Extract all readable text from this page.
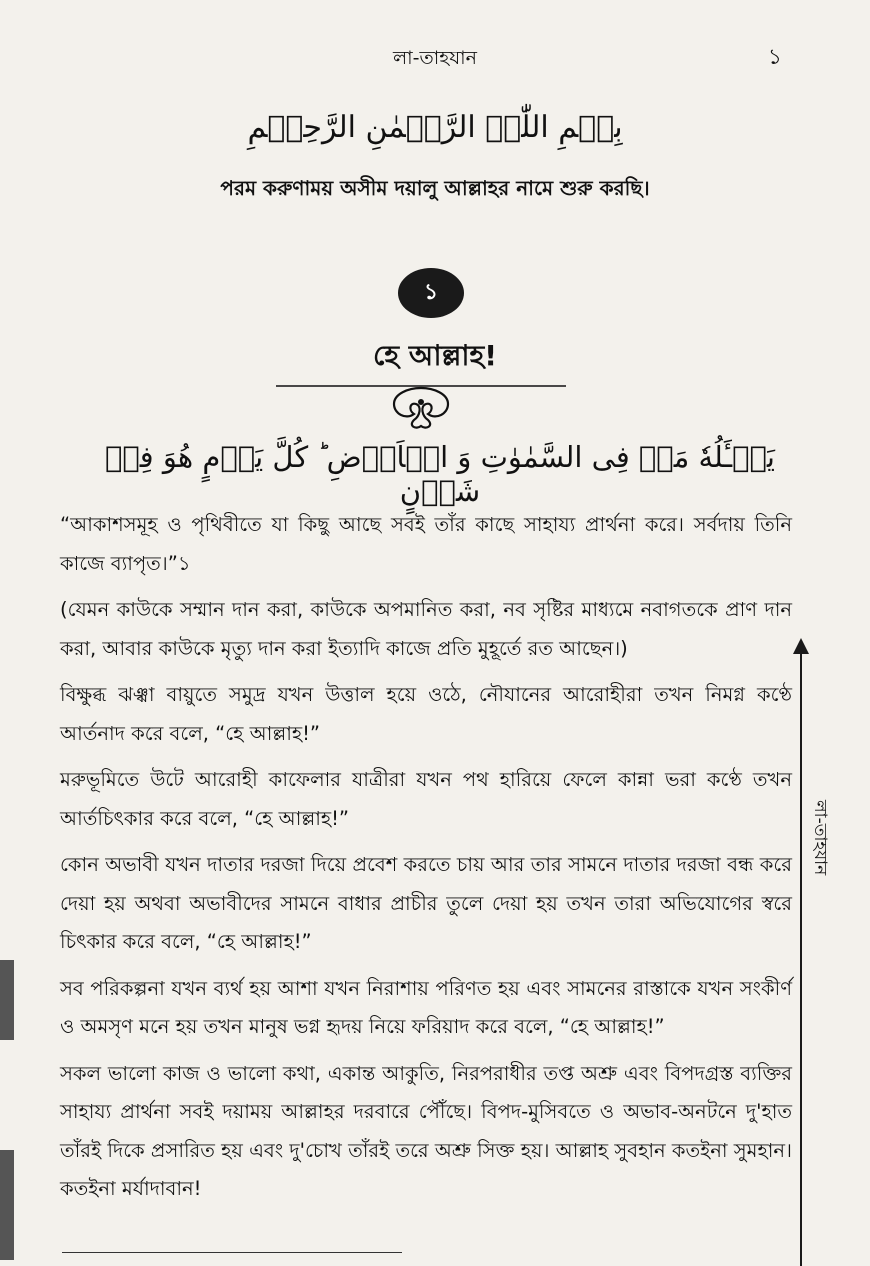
লা-তাহযান	১
بِسۡمِ اللّٰہِ الرَّحۡمٰنِ الرَّحِیۡمِ
পরম করুণাময় অসীম দয়ালু আল্লাহর নামে শুরু করছি।
১
হে আল্লাহ!
یَسۡـَٔلُهٗ مَنۡ فِی السَّمٰوٰتِ وَ الۡاَرۡضِ ؕ کُلَّ یَوۡمٍ هُوَ فِیۡ شَاۡنٍ

“আকাশসমূহ ও পৃথিবীতে যা কিছু আছে সবই তাঁর কাছে সাহায্য প্রার্থনা করে। সর্বদায় তিনি কাজে ব্যাপৃত।”১

(যেমন কাউকে সম্মান দান করা, কাউকে অপমানিত করা, নব সৃষ্টির মাধ্যমে নবাগতকে প্রাণ দান করা, আবার কাউকে মৃত্যু দান করা ইত্যাদি কাজে প্রতি মুহূর্তে রত আছেন।)

বিক্ষুব্ধ ঝঞ্ঝা বায়ুতে সমুদ্র যখন উত্তাল হয়ে ওঠে, নৌযানের আরোহীরা তখন নিমগ্ন কণ্ঠে আর্তনাদ করে বলে, “হে আল্লাহ!”

মরুভূমিতে উটে আরোহী কাফেলার যাত্রীরা যখন পথ হারিয়ে ফেলে কান্না ভরা কণ্ঠে তখন আর্তচিৎকার করে বলে, “হে আল্লাহ!”

কোন অভাবী যখন দাতার দরজা দিয়ে প্রবেশ করতে চায় আর তার সামনে দাতার দরজা বন্ধ করে দেয়া হয় অথবা অভাবীদের সামনে বাধার প্রাচীর তুলে দেয়া হয় তখন তারা অভিযোগের স্বরে চিৎকার করে বলে, “হে আল্লাহ!”

সব পরিকল্পনা যখন ব্যর্থ হয় আশা যখন নিরাশায় পরিণত হয় এবং সামনের রাস্তাকে যখন সংকীর্ণ ও অমসৃণ মনে হয় তখন মানুষ ভগ্ন হৃদয় নিয়ে ফরিয়াদ করে বলে, “হে আল্লাহ!”

সকল ভালো কাজ ও ভালো কথা, একান্ত আকুতি, নিরপরাধীর তপ্ত অশ্রু এবং বিপদগ্রস্ত ব্যক্তির সাহায্য প্রার্থনা সবই দয়াময় আল্লাহর দরবারে পৌঁছে। বিপদ-মুসিবতে ও অভাব-অনটনে দু'হাত তাঁরই দিকে প্রসারিত হয় এবং দু'চোখ তাঁরই তরে অশ্রু সিক্ত হয়। আল্লাহ সুবহান কতইনা সুমহান। কতইনা মর্যাদাবান!

লা-তাহযান
